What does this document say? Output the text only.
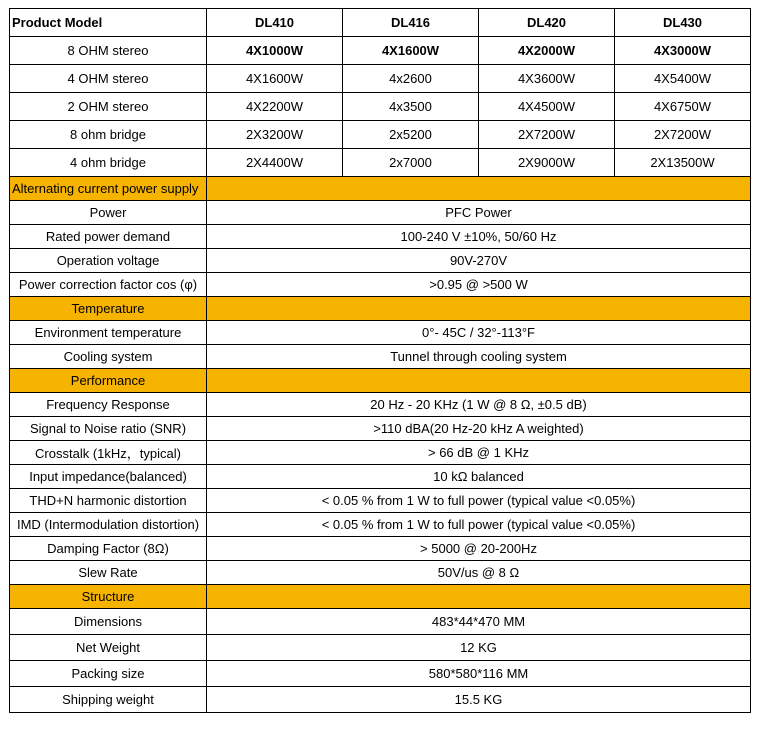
Product Model	DL410	DL416	DL420	DL430
8 OHM stereo	4X1000W	4X1600W	4X2000W	4X3000W
4 OHM stereo	4X1600W	4x2600	4X3600W	4X5400W
2 OHM stereo	4X2200W	4x3500	4X4500W	4X6750W
8 ohm bridge	2X3200W	2x5200	2X7200W	2X7200W
4 ohm bridge	2X4400W	2x7000	2X9000W	2X13500W
Alternating current power supply				
Power	PFC Power			
Rated power demand	100-240 V ±10%, 50/60 Hz			
Operation voltage	90V-270V			
Power correction factor cos (φ)	>0.95 @ >500 W			
Temperature				
Environment temperature	0°- 45C / 32°-113°F			
Cooling system	Tunnel through cooling system			
Performance				
Frequency Response	20 Hz - 20 KHz (1 W @ 8 Ω, ±0.5 dB)			
Signal to Noise ratio (SNR)	>110 dBA(20 Hz-20 kHz A weighted)			
Crosstalk (1kHz，typical)	> 66 dB @ 1 KHz			
Input impedance(balanced)	10 kΩ balanced			
THD+N harmonic distortion	< 0.05 % from 1 W to full power (typical value <0.05%)			
IMD (Intermodulation distortion)	< 0.05 % from 1 W to full power (typical value <0.05%)			
Damping Factor (8Ω)	> 5000 @ 20-200Hz			
Slew Rate	50V/us @ 8 Ω			
Structure				
Dimensions	483*44*470 MM			
Net Weight	12 KG			
Packing size	580*580*116 MM			
Shipping weight	15.5 KG			
